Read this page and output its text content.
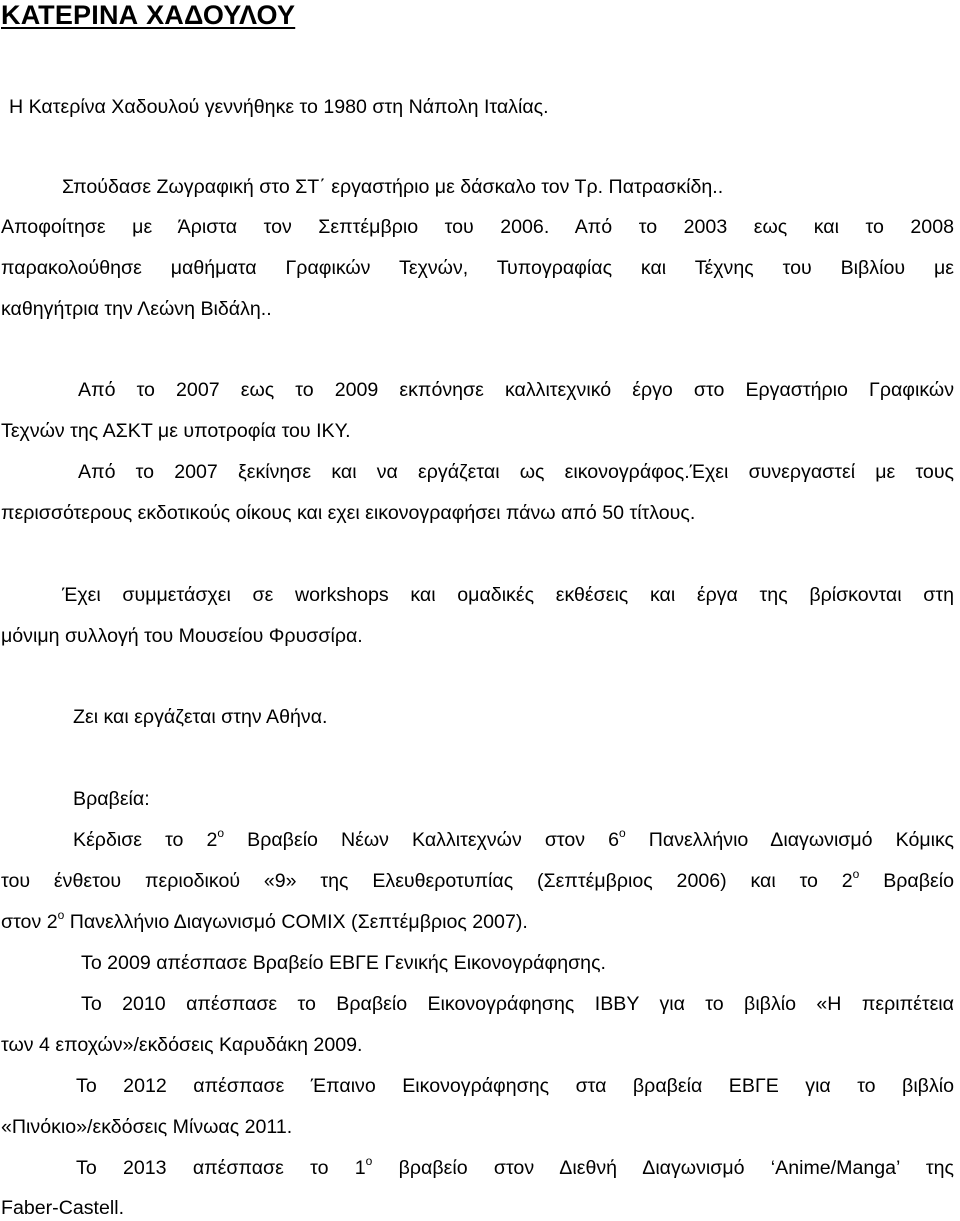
ΚΑΤΕΡΙΝΑ ΧΑΔΟΥΛΟΥ
Η Κατερίνα Χαδουλού γεννήθηκε το 1980 στη Νάπολη Ιταλίας.
Σπούδασε Ζωγραφική στο ΣΤ΄ εργαστήριο με δάσκαλο τον Τρ. Πατρασκίδη..
Αποφοίτησε με Άριστα τον Σεπτέμβριο του 2006. Από το 2003 εως και το 2008
παρακολούθησε μαθήματα Γραφικών Τεχνών, Τυπογραφίας και Τέχνης του Βιβλίου με
καθηγήτρια την Λεώνη Βιδάλη..
Από το 2007 εως το 2009 εκπόνησε καλλιτεχνικό έργο στο Εργαστήριο Γραφικών
Τεχνών της ΑΣΚΤ με υποτροφία του ΙΚΥ.
Από το 2007 ξεκίνησε και να εργάζεται ως εικονογράφος.Έχει συνεργαστεί με τους
περισσότερους εκδοτικούς οίκους και εχει εικονογραφήσει πάνω από 50 τίτλους.
Έχει συμμετάσχει σε workshops και ομαδικές εκθέσεις και έργα της βρίσκονται στη
μόνιμη συλλογή του Μουσείου Φρυσσίρα.
Ζει και εργάζεται στην Αθήνα.
Βραβεία:
Κέρδισε το $2^o$ Βραβείο Νέων Καλλιτεχνών στον $6^o$ Πανελλήνιο Διαγωνισμό Κόμικς
του ένθετου περιοδικού «9» της Ελευθεροτυπίας (Σεπτέμβριος 2006) και το $2^o$ Βραβείο
στον $2^o$ Πανελλήνιο Διαγωνισμό COMIX (Σεπτέμβριος 2007).
Το 2009 απέσπασε Βραβείο ΕΒΓΕ Γενικής Εικονογράφησης.
Το 2010 απέσπασε το Βραβείο Εικονογράφησης IBBY για το βιβλίο «Η περιπέτεια
των 4 εποχών»/εκδόσεις Καρυδάκη 2009.
Το 2012 απέσπασε Έπαινο Εικονογράφησης στα βραβεία ΕΒΓΕ για το βιβλίο
«Πινόκιο»/εκδόσεις Μίνωας 2011.
Το 2013 απέσπασε το $1^o$ βραβείο στον Διεθνή Διαγωνισμό ‘Anime/Manga’ της
Faber-Castell.
